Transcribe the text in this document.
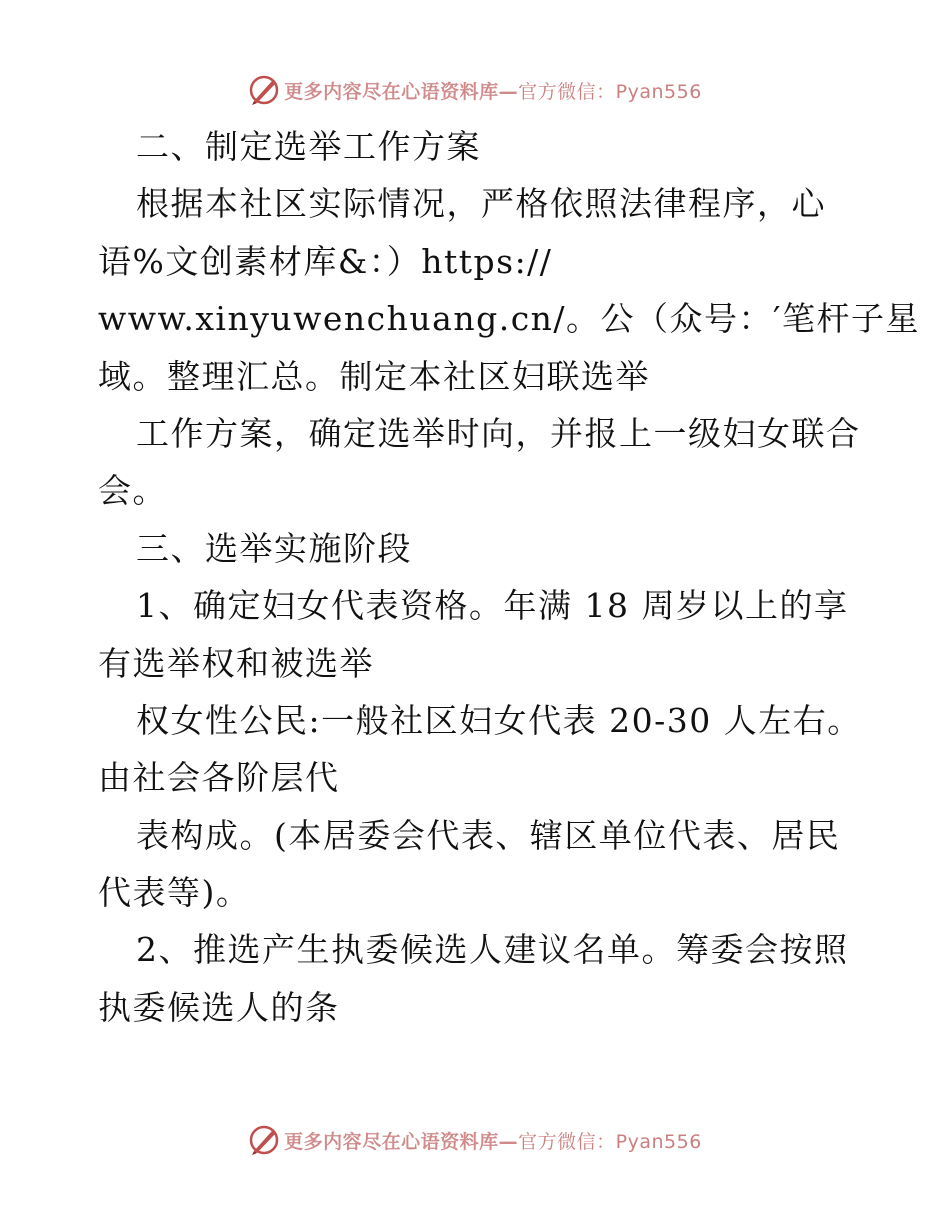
更多内容尽在心语资料库—官方微信：Pyan556
二、制定选举工作方案
根据本社区实际情况，严格依照法律程序，心
语%文创素材库&：）https://
www.xinyuwenchuang.cn/。公（众号：′笔杆子星
域。整理汇总。制定本社区妇联选举
工作方案，确定选举时向，并报上一级妇女联合
会。
三、选举实施阶段
1、确定妇女代表资格。年满 18 周岁以上的享
有选举权和被选举
权女性公民:一般社区妇女代表 20-30 人左右。
由社会各阶层代
表构成。(本居委会代表、辖区单位代表、居民
代表等)。
2、推选产生执委候选人建议名单。筹委会按照
执委候选人的条
更多内容尽在心语资料库—官方微信：Pyan556
